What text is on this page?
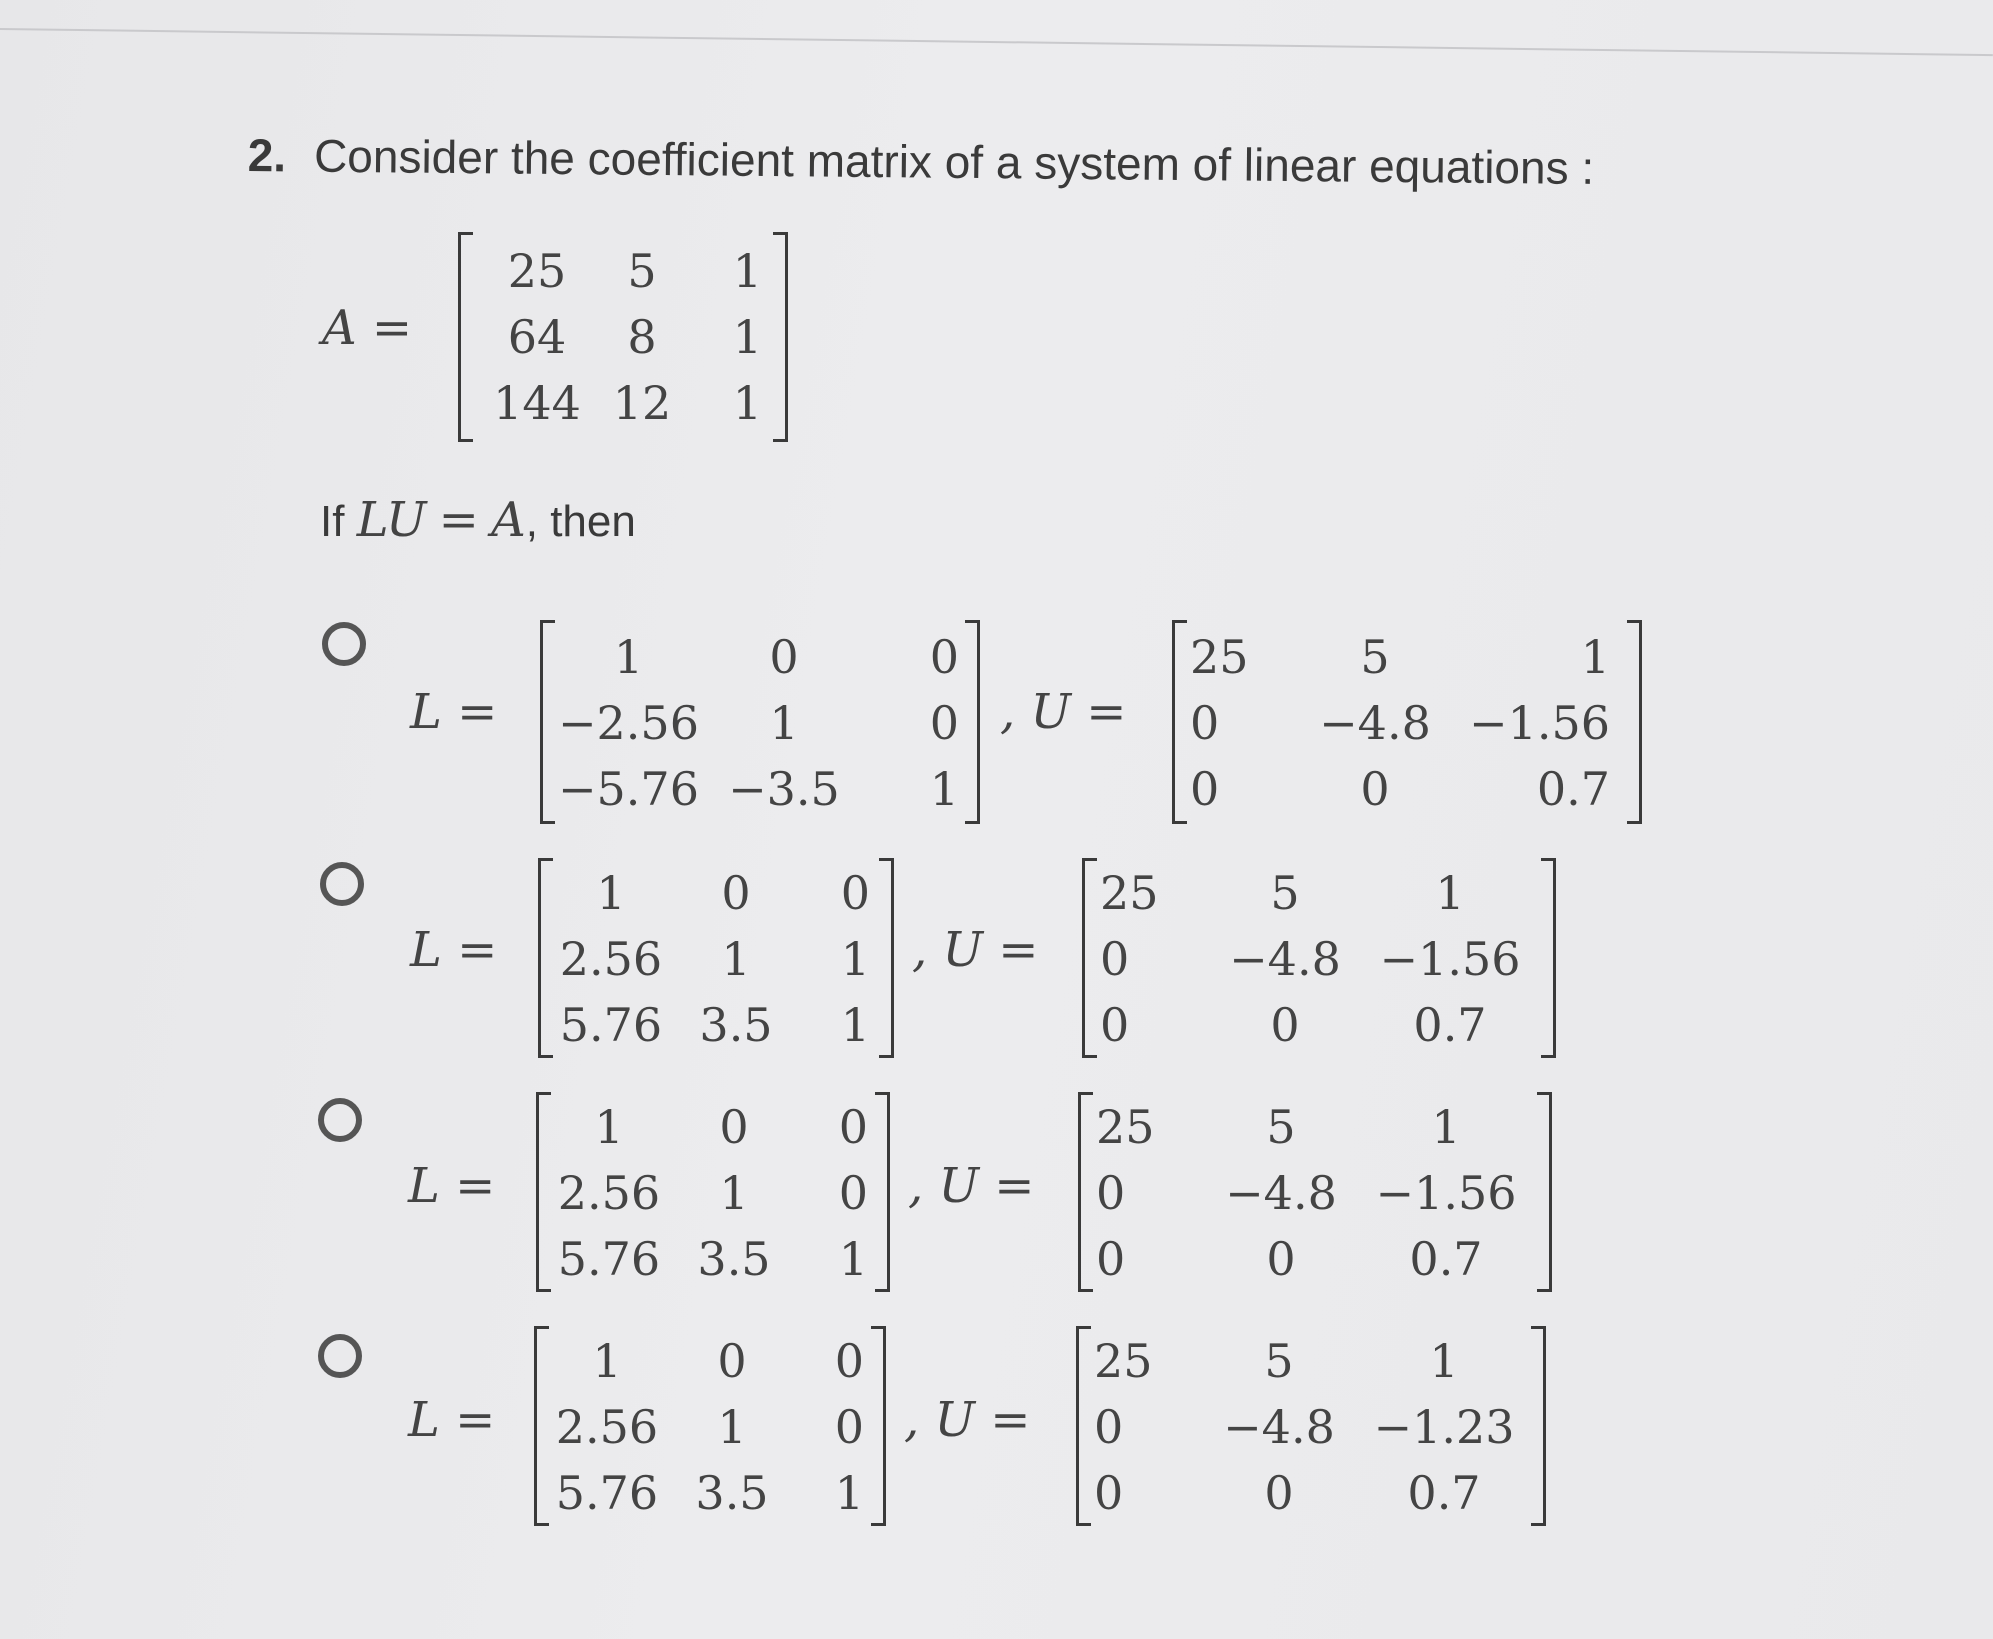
2. Consider the coefficient matrix of a system of linear equations :
A =
25	5	1
64	8	1
144	12	1
If LU = A, then
L =
1	0	0
−2.56	1	0
−5.76	−3.5	1
, U =
25	5	1
0	−4.8	−1.56
0	0	0.7
L =
1	0	0
2.56	1	1
5.76	3.5	1
, U =
25	5	1
0	−4.8	−1.56
0	0	0.7
L =
1	0	0
2.56	1	0
5.76	3.5	1
, U =
25	5	1
0	−4.8	−1.56
0	0	0.7
L =
1	0	0
2.56	1	0
5.76	3.5	1
, U =
25	5	1
0	−4.8	−1.23
0	0	0.7
